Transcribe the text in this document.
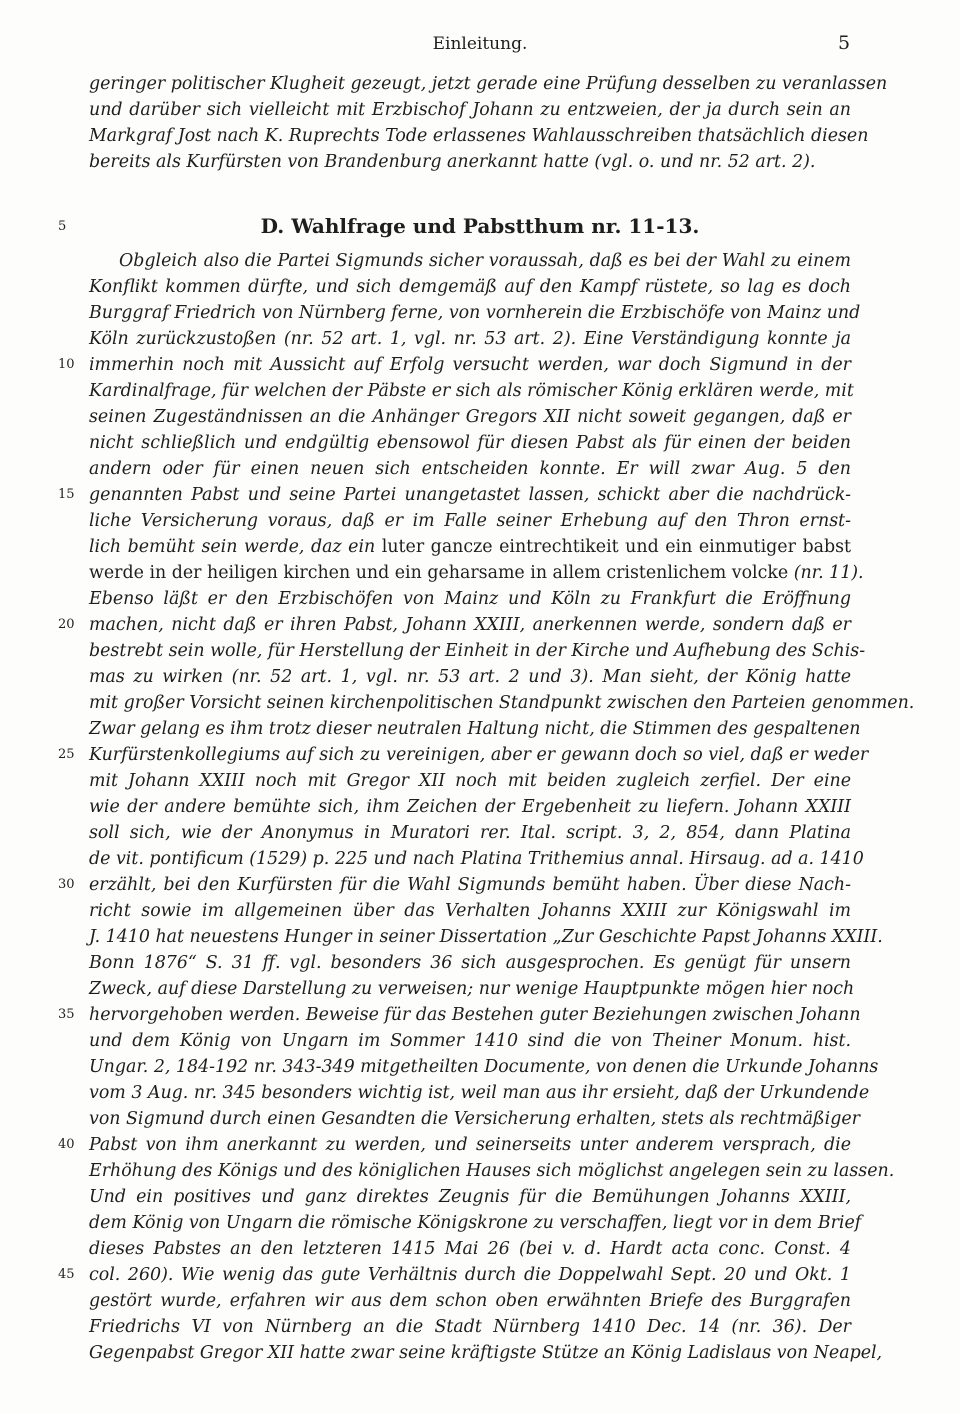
Einleitung.	5
geringer politischer Klugheit gezeugt, jetzt gerade eine Prüfung desselben zu veranlassen
und darüber sich vielleicht mit Erzbischof Johann zu entzweien, der ja durch sein an
Markgraf Jost nach K. Ruprechts Tode erlassenes Wahlausschreiben thatsächlich diesen
bereits als Kurfürsten von Brandenburg anerkannt hatte (vgl. o. und nr. 52 art. 2).
5	D. Wahlfrage und Pabstthum nr. 11-13.
Obgleich also die Partei Sigmunds sicher voraussah, daß es bei der Wahl zu einem
Konflikt kommen dürfte, und sich demgemäß auf den Kampf rüstete, so lag es doch
Burggraf Friedrich von Nürnberg ferne, von vornherein die Erzbischöfe von Mainz und
Köln zurückzustoßen (nr. 52 art. 1, vgl. nr. 53 art. 2). Eine Verständigung konnte ja
10 immerhin noch mit Aussicht auf Erfolg versucht werden, war doch Sigmund in der
Kardinalfrage, für welchen der Päbste er sich als römischer König erklären werde, mit
seinen Zugeständnissen an die Anhänger Gregors XII nicht soweit gegangen, daß er
nicht schließlich und endgültig ebensowol für diesen Pabst als für einen der beiden
andern oder für einen neuen sich entscheiden konnte. Er will zwar Aug. 5 den
15 genannten Pabst und seine Partei unangetastet lassen, schickt aber die nachdrück-
liche Versicherung voraus, daß er im Falle seiner Erhebung auf den Thron ernst-
lich bemüht sein werde, daz ein luter gancze eintrechtikeit und ein einmutiger babst
werde in der heiligen kirchen und ein geharsame in allem cristenlichem volcke (nr. 11).
Ebenso läßt er den Erzbischöfen von Mainz und Köln zu Frankfurt die Eröffnung
20 machen, nicht daß er ihren Pabst, Johann XXIII, anerkennen werde, sondern daß er
bestrebt sein wolle, für Herstellung der Einheit in der Kirche und Aufhebung des Schis-
mas zu wirken (nr. 52 art. 1, vgl. nr. 53 art. 2 und 3). Man sieht, der König hatte
mit großer Vorsicht seinen kirchenpolitischen Standpunkt zwischen den Parteien genommen.
Zwar gelang es ihm trotz dieser neutralen Haltung nicht, die Stimmen des gespaltenen
25 Kurfürstenkollegiums auf sich zu vereinigen, aber er gewann doch so viel, daß er weder
mit Johann XXIII noch mit Gregor XII noch mit beiden zugleich zerfiel. Der eine
wie der andere bemühte sich, ihm Zeichen der Ergebenheit zu liefern. Johann XXIII
soll sich, wie der Anonymus in Muratori rer. Ital. script. 3, 2, 854, dann Platina
de vit. pontificum (1529) p. 225 und nach Platina Trithemius annal. Hirsaug. ad a. 1410
30 erzählt, bei den Kurfürsten für die Wahl Sigmunds bemüht haben. Über diese Nach-
richt sowie im allgemeinen über das Verhalten Johanns XXIII zur Königswahl im
J. 1410 hat neuestens Hunger in seiner Dissertation „Zur Geschichte Papst Johanns XXIII.
Bonn 1876“ S. 31 ff. vgl. besonders 36 sich ausgesprochen. Es genügt für unsern
Zweck, auf diese Darstellung zu verweisen; nur wenige Hauptpunkte mögen hier noch
35 hervorgehoben werden. Beweise für das Bestehen guter Beziehungen zwischen Johann
und dem König von Ungarn im Sommer 1410 sind die von Theiner Monum. hist.
Ungar. 2, 184-192 nr. 343-349 mitgetheilten Documente, von denen die Urkunde Johanns
vom 3 Aug. nr. 345 besonders wichtig ist, weil man aus ihr ersieht, daß der Urkundende
von Sigmund durch einen Gesandten die Versicherung erhalten, stets als rechtmäßiger
40 Pabst von ihm anerkannt zu werden, und seinerseits unter anderem versprach, die
Erhöhung des Königs und des königlichen Hauses sich möglichst angelegen sein zu lassen.
Und ein positives und ganz direktes Zeugnis für die Bemühungen Johanns XXIII,
dem König von Ungarn die römische Königskrone zu verschaffen, liegt vor in dem Brief
dieses Pabstes an den letzteren 1415 Mai 26 (bei v. d. Hardt acta conc. Const. 4
45 col. 260). Wie wenig das gute Verhältnis durch die Doppelwahl Sept. 20 und Okt. 1
gestört wurde, erfahren wir aus dem schon oben erwähnten Briefe des Burggrafen
Friedrichs VI von Nürnberg an die Stadt Nürnberg 1410 Dec. 14 (nr. 36). Der
Gegenpabst Gregor XII hatte zwar seine kräftigste Stütze an König Ladislaus von Neapel,
